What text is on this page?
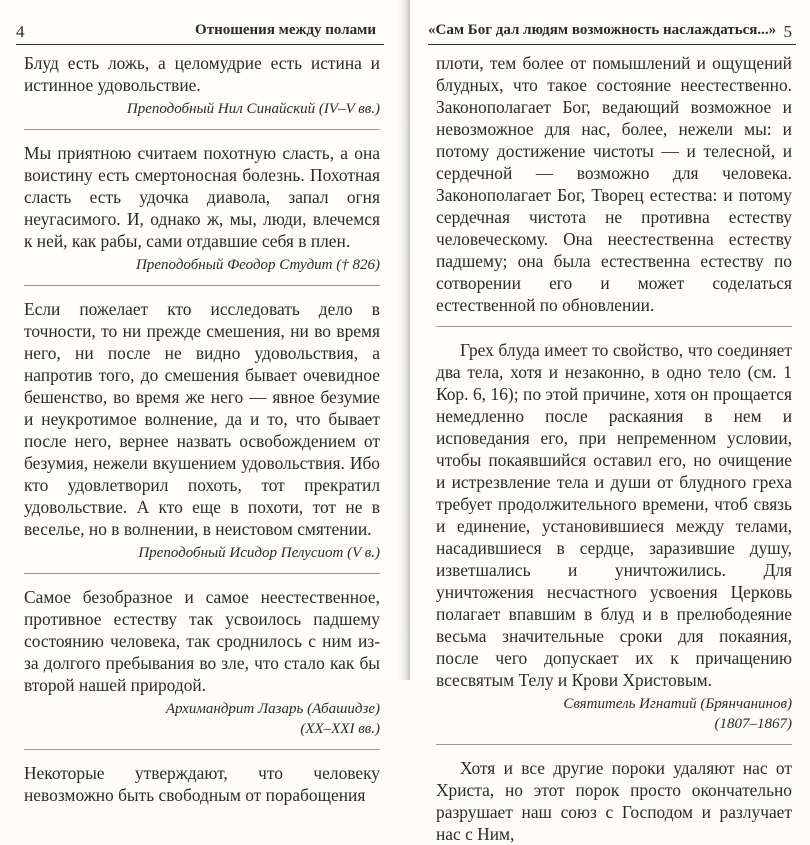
4	Отношения между полами

Блуд есть ложь, а целомудрие есть истина и истинное удовольствие.

Преподобный Нил Синайский (IV–V вв.)

Мы приятною считаем похотную сласть, а она воистину есть смертоносная болезнь. Похотная сласть есть удочка диавола, запал огня неугасимого. И, однако ж, мы, люди, влечемся к ней, как рабы, сами отдавшие себя в плен.

Преподобный Феодор Студит († 826)

Если пожелает кто исследовать дело в точности, то ни прежде смешения, ни во время него, ни после не видно удовольствия, а напротив того, до смешения бывает очевидное бешенство, во время же него — явное безумие и неукротимое волнение, да и то, что бывает после него, вернее назвать освобождением от безумия, нежели вкушением удовольствия. Ибо кто удовлетворил похоть, тот прекратил удовольствие. А кто еще в похоти, тот не в веселье, но в волнении, в неистовом смятении.

Преподобный Исидор Пелусиот (V в.)

Самое безобразное и самое неестественное, противное естеству так усвоилось падшему состоянию человека, так сроднилось с ним из-за долгого пребывания во зле, что стало как бы второй нашей природой.

Архимандрит Лазарь (Абашидзе)

(XX–XXI вв.)

Некоторые утверждают, что человеку невозможно быть свободным от порабощения

«Сам Бог дал людям возможность наслаждаться...» 5

плоти, тем более от помышлений и ощущений блудных, что такое состояние неестественно. Законополагает Бог, ведающий возможное и невозможное для нас, более, нежели мы: и потому достижение чистоты — и телесной, и сердечной — возможно для человека. Законополагает Бог, Творец естества: и потому сердечная чистота не противна естеству человеческому. Она неестественна естеству падшему; она была естественна естеству по сотворении его и может соделаться естественной по обновлении.

Грех блуда имеет то свойство, что соединяет два тела, хотя и незаконно, в одно тело (см. 1 Кор. 6, 16); по этой причине, хотя он прощается немедленно после раскаяния в нем и исповедания его, при непременном условии, чтобы покаявшийся оставил его, но очищение и истрезвление тела и души от блудного греха требует продолжительного времени, чтоб связь и единение, установившиеся между телами, насадившиеся в сердце, заразившие душу, изветшались и уничтожились. Для уничтожения несчастного усвоения Церковь полагает впавшим в блуд и в прелюбодеяние весьма значительные сроки для покаяния, после чего допускает их к причащению всесвятым Телу и Крови Христовым.

Святитель Игнатий (Брянчанинов)

(1807–1867)

Хотя и все другие пороки удаляют нас от Христа, но этот порок просто окончательно разрушает наш союз с Господом и разлучает нас с Ним,
